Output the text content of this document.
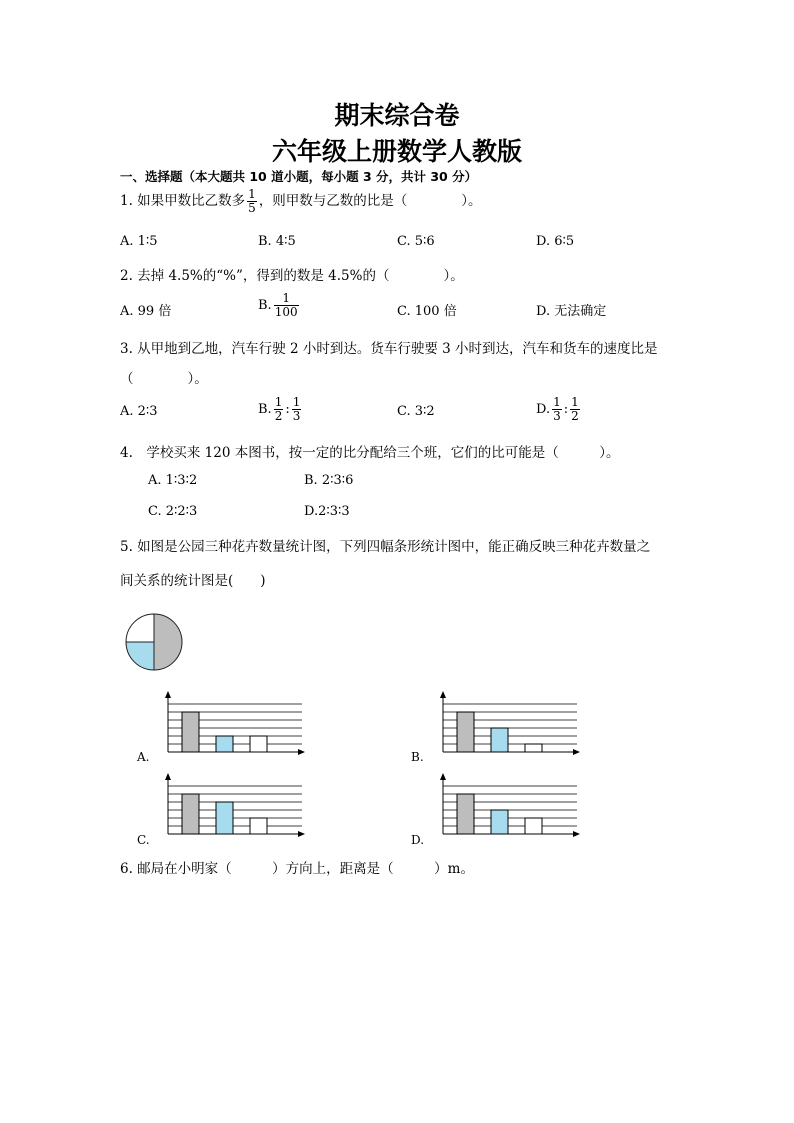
期末综合卷
六年级上册数学人教版
一、选择题（本大题共 10 道小题，每小题 3 分，共计 30 分）
1. 如果甲数比乙数多 $\frac{1}{5}$ ，则甲数与乙数的比是（　　　　）。
A. 1∶5	B. 4∶5	C. 5∶6	D. 6∶5
2. 去掉 4.5%的“%”，得到的数是 4.5%的（　　　　）。
A. 99 倍	B. $\frac{1}{100}$	C. 100 倍	D. 无法确定
3. 从甲地到乙地，汽车行驶 2 小时到达。货车行驶要 3 小时到达，汽车和货车的速度比是
（　　　　）。
A. 2∶3	B. $\frac{1}{2}$ : $\frac{1}{3}$	C. 3∶2	D. $\frac{1}{3}$ : $\frac{1}{2}$
4.　学校买来 120 本图书，按一定的比分配给三个班，它们的比可能是（　　　）。
A. 1∶3∶2	B. 2∶3∶6
C. 2∶2∶3	D.2∶3∶3
5. 如图是公园三种花卉数量统计图，下列四幅条形统计图中，能正确反映三种花卉数量之
间关系的统计图是(　　)
A.	B.
C.	D.
6. 邮局在小明家（　　　）方向上，距离是（　　　）m。
